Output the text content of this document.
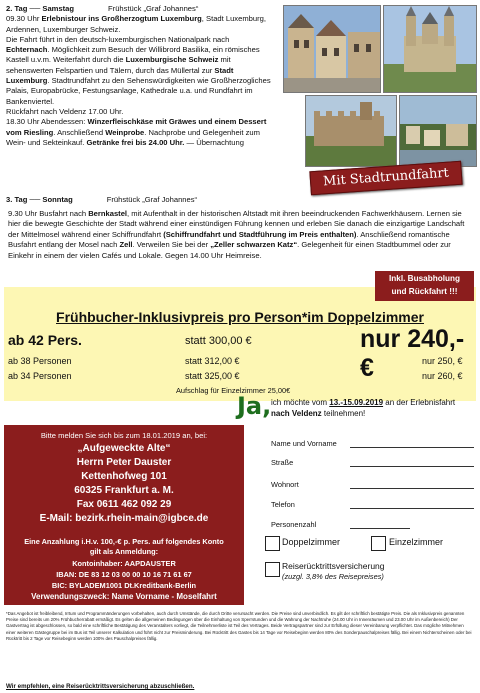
2. Tag ── Samstag	Frühstück „Graf Johannes“

09.30 Uhr Erlebnistour ins Großherzogtum Luxemburg, Stadt Luxemburg, Ardennen, Luxemburger Schweiz.

Die Fahrt führt in den deutsch-luxemburgischen Nationalpark nach Echternach. Möglichkeit zum Besuch der Willibrord Basilika, ein römisches Kastell u.v.m. Weiterfahrt durch die Luxemburgische Schweiz mit sehenswerten Felspartien und Tälern, durch das Müllertal zur Stadt Luxemburg. Stadtrundfahrt zu den Sehenswürdigkeiten wie Großherzogliches Palais, Europabrücke, Festungsanlage, Kathedrale u.a. und Rundfahrt im Bankenviertel.

Rückfahrt nach Veldenz 17.00 Uhr.

18.30 Uhr Abendessen: Winzerfleischkäse mit Gräwes und einem Dessert vom Riesling. Anschließend Weinprobe. Nachprobe und Gelegenheit zum Wein- und Sekteinkauf. Getränke frei bis 24.00 Uhr. — Übernachtung

Mit Stadtrundfahrt

3. Tag ── Sonntag	Frühstück „Graf Johannes“

9.30 Uhr Busfahrt nach Bernkastel, mit Aufenthalt in der historischen Altstadt mit ihren beeindruckenden Fachwerkhäusern. Lernen sie hier die bewegte Geschichte der Stadt während einer einstündigen Führung kennen und erleben Sie danach die einzigartige Landschaft der Mittelmosel während einer Schiffrundfahrt (Schiffrundfahrt und Stadtführung im Preis enthalten). Anschließend romantische Busfahrt entlang der Mosel nach Zell. Verweilen Sie bei der „Zeller schwarzen Katz“. Gelegenheit für einen Stadtbummel oder zur Einkehr in einem der vielen Cafés und Lokale. Gegen 14.00 Uhr Heimreise.

Frühbucher-Inklusivpreis pro Person*im Doppelzimmer
ab 42 Pers.	statt 300,00 €	nur 240,- €
ab 38 Personen	statt 312,00 €	nur 250, €
ab 34 Personen	statt 325,00 €	nur 260, €
Aufschlag für Einzelzimmer 25,00€
Inkl. Busabholung
und Rückfahrt !!!
Bitte melden Sie sich bis zum 18.01.2019 an, bei:
„Aufgeweckte Alte“
Herrn Peter Dauster
Kettenhofweg 101
60325 Frankfurt a. M.
Fax 0611 462 092 29
E-Mail: bezirk.rhein-main@igbce.de
Eine Anzahlung i.H.v. 100,-€ p. Pers. auf folgendes Konto
gilt als Anmeldung:
Kontoinhaber: AAPDAUSTER
IBAN: DE 83 12 03 00 00 10 16 71 61 67
BIC: BYLADEM1001 Dt.Kreditbank-Berlin
Verwendungszweck: Name Vorname - Moselfahrt
Ja, ich möchte vom 13.-15.09.2019 an der Erlebnisfahrt nach Veldenz teilnehmen!
Name und Vorname
Straße
Wohnort
Telefon
Personenzahl
Doppelzimmer	Einzelzimmer
Reiserücktrittsversicherung
(zuzgl. 3,8% des Reisepreises)
*Das Angebot ist freibleibend, Irrtum und Programmänderungen vorbehalten, auch durch Umstände, die durch Dritte verursacht werden. Die Preise sind unverbindlich. Es gilt der schriftlich bestätigte Preis. Die als Inklusivpreis genannten Preise sind bereits um 20% Frühbucherrabatt ermäßigt. Es gelten die allgemeinen Bedingungen über die Einhaltung von Sperrstunden und die Wahrung der Nachtruhe (24.00 Uhr in Innenräumen und 23.00 Uhr im Außenbereich) Der Gastvertrag ist abgeschlossen, so bald eine schriftliche Bestätigung des Veranstalters vorliegt, die Teilnehmerliste ist Teil des Vertrages. Beide Vertragspartner sind zur Erfüllung dieser Vereinbarung verpflichtet. Das mögliche Mitnehmen einer weiteren Gästegruppe bei im Bus ist Teil unserer Kalkulation und führt nicht zur Preisminderung. Bei Rücktritt des Gastes bis 14 Tage vor Reisebeginn werden 80% des Sonderpauschalpreises fällig. Bei einem Nichterscheinen oder bei Rücktritt bis 2 Tage vor Reisebeginn werden 100% des Pauschalpreises fällig.
Wir empfehlen, eine Reiserücktrittsversicherung abzuschließen.
